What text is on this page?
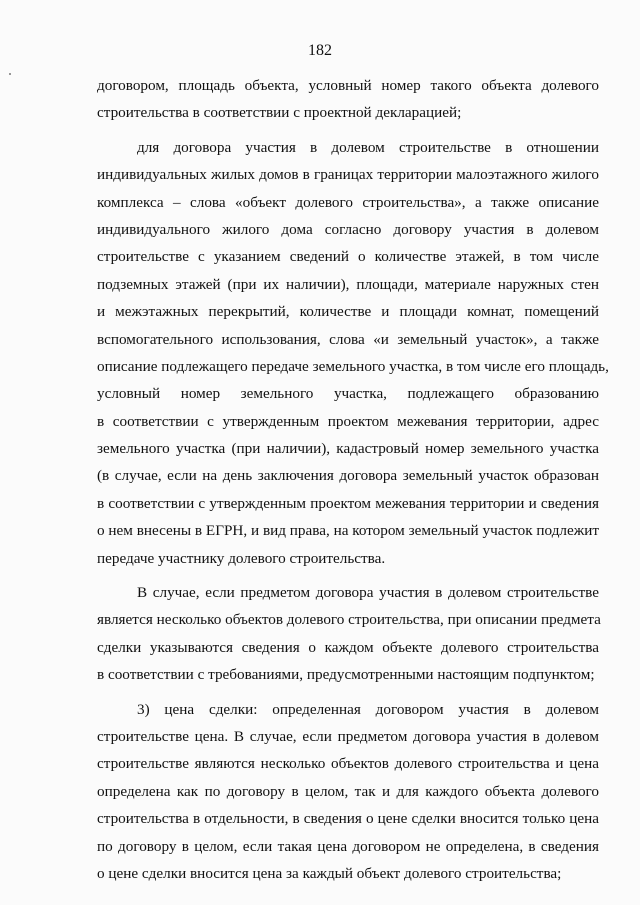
182
договором, площадь объекта, условный номер такого объекта долевого
строительства в соответствии с проектной декларацией;
для договора участия в долевом строительстве в отношении
индивидуальных жилых домов в границах территории малоэтажного жилого
комплекса – слова «объект долевого строительства», а также описание
индивидуального жилого дома согласно договору участия в долевом
строительстве с указанием сведений о количестве этажей, в том числе
подземных этажей (при их наличии), площади, материале наружных стен
и межэтажных перекрытий, количестве и площади комнат, помещений
вспомогательного использования, слова «и земельный участок», а также
описание подлежащего передаче земельного участка, в том числе его площадь,
условный номер земельного участка, подлежащего образованию
в соответствии с утвержденным проектом межевания территории, адрес
земельного участка (при наличии), кадастровый номер земельного участка
(в случае, если на день заключения договора земельный участок образован
в соответствии с утвержденным проектом межевания территории и сведения
о нем внесены в ЕГРН, и вид права, на котором земельный участок подлежит
передаче участнику долевого строительства.
В случае, если предметом договора участия в долевом строительстве
является несколько объектов долевого строительства, при описании предмета
сделки указываются сведения о каждом объекте долевого строительства
в соответствии с требованиями, предусмотренными настоящим подпунктом;
3) цена сделки: определенная договором участия в долевом
строительстве цена. В случае, если предметом договора участия в долевом
строительстве являются несколько объектов долевого строительства и цена
определена как по договору в целом, так и для каждого объекта долевого
строительства в отдельности, в сведения о цене сделки вносится только цена
по договору в целом, если такая цена договором не определена, в сведения
о цене сделки вносится цена за каждый объект долевого строительства;
